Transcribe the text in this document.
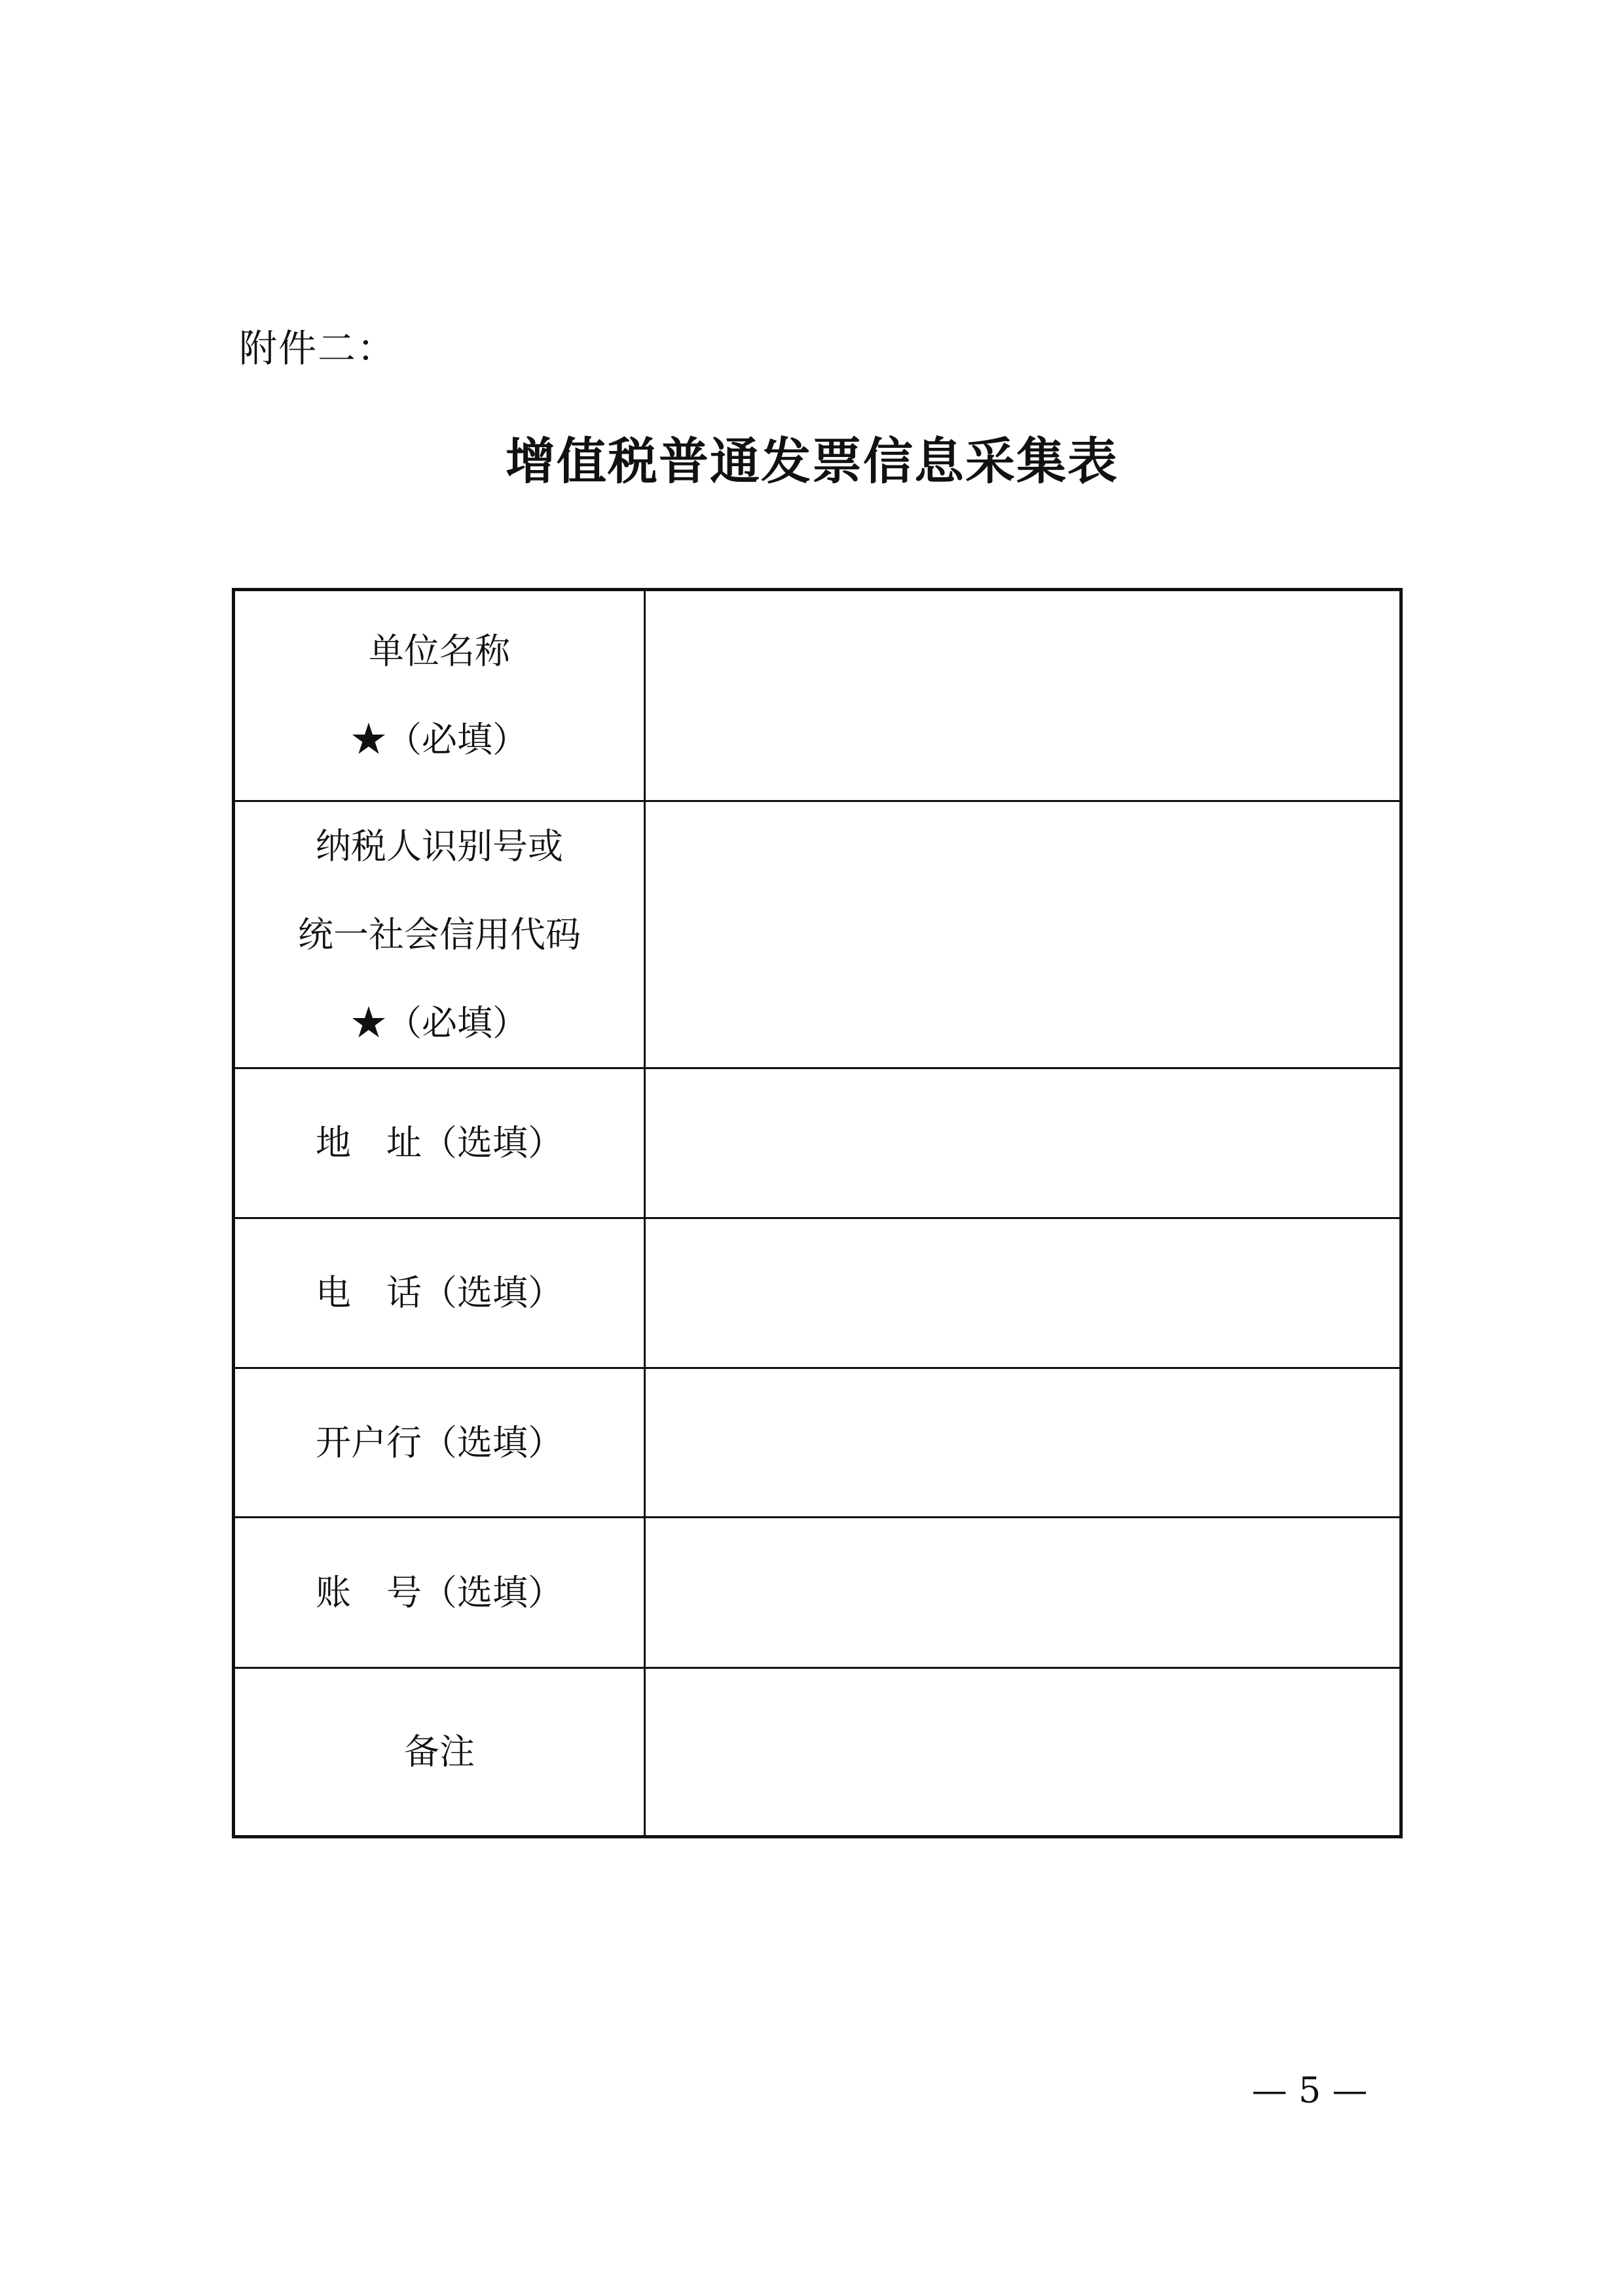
附件二：
增值税普通发票信息采集表
单位名称
★（必填）	

纳税人识别号或
统一社会信用代码
★（必填）	

地　址（选填）	

电　话（选填）	

开户行（选填）	

账　号（选填）	

备注	

— 5 —
